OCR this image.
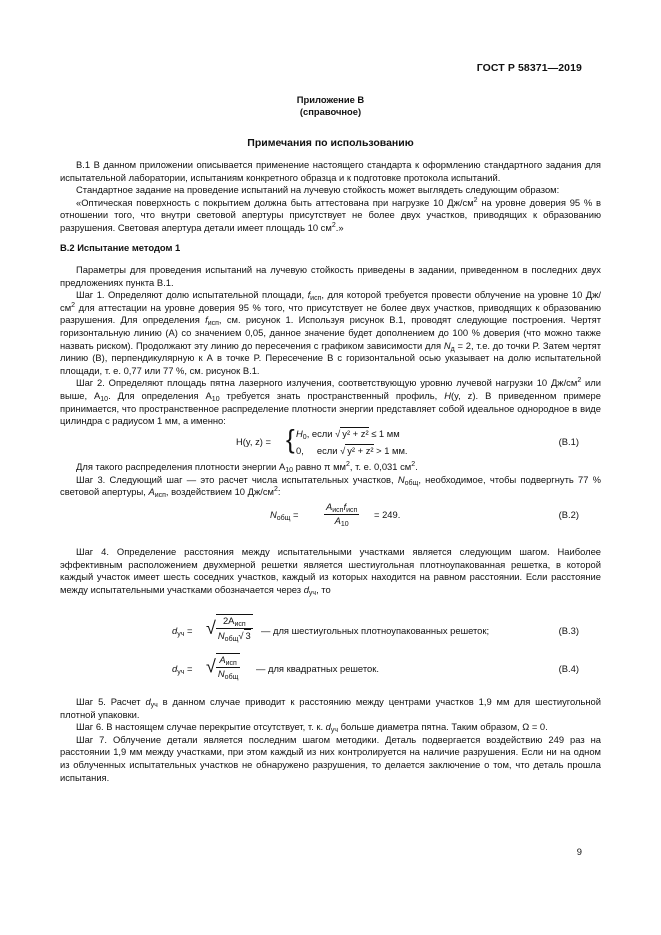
ГОСТ Р 58371—2019
Приложение В
(справочное)
Примечания по использованию

В.1 В данном приложении описывается применение настоящего стандарта к оформлению стандартного задания для испытательной лаборатории, испытаниям конкретного образца и к подготовке протокола испытаний.

Стандартное задание на проведение испытаний на лучевую стойкость может выглядеть следующим образом:

«Оптическая поверхность с покрытием должна быть аттестована при нагрузке 10 $Дж/см^2$ на уровне доверия 95 % в отношении того, что внутри световой апертуры присутствует не более двух участков, приводящих к образованию разрушения. Световая апертура детали имеет площадь 10 $см^2$.»

В.2 Испытание методом 1

Параметры для проведения испытаний на лучевую стойкость приведены в задании, приведенном в последних двух предложениях пункта В.1.

Шаг 1. Определяют долю испытательной площади, $f_{исп}$, для которой требуется провести облучение на уровне 10 $Дж/см^2$ для аттестации на уровне доверия 95 % того, что присутствует не более двух участков, приводящих к образованию разрушения. Для определения $f_{исп}$, см. рисунок 1. Используя рисунок В.1, проводят следующие построения. Чертят горизонтальную линию (А) со значением 0,05, данное значение будет дополнением до 100 % доверия (что можно также назвать риском). Продолжают эту линию до пересечения с графиком зависимости для $N_д = 2$, т.е. до точки P. Затем чертят линию (В), перпендикулярную к А в точке P. Пересечение В с горизонтальной осью указывает на долю испытательной площади, т. е. 0,77 или 77 %, см. рисунок В.1.

Шаг 2. Определяют площадь пятна лазерного излучения, соответствующую уровню лучевой нагрузки 10 $Дж/см^2$ или выше, $A_{10}$. Для определения $A_{10}$ требуется знать пространственный профиль, H(y, z). В приведенном примере принимается, что пространственное распределение плотности энергии представляет собой идеальное однородное в виде цилиндра с радиусом 1 мм, а именно:

H(y, z) = { $H_0$, если √ y² + z² ≤ 1 мм
0, если √ y² + z² > 1 мм.
(В.1)

Для такого распределения плотности энергии $A_{10}$ равно π $мм^2$, т. е. 0,031 $см^2$.

Шаг 3. Следующий шаг — это расчет числа испытательных участков, $N_{общ}$, необходимое, чтобы подвергнуть 77 % световой апертуры, $A_{исп}$, воздействием 10 $Дж/см^2$:

$N_{общ}$ =	$\frac{A_{исп}f_{исп}}{A_{10}} = 249$.	(В.2)

Шаг 4. Определение расстояния между испытательными участками является следующим шагом. Наиболее эффективным расположением двухмерной решетки является шестиугольная плотноупакованная решетка, в которой каждый участок имеет шесть соседних участков, каждый из которых находится на равном расстоянии. Если расстояние между испытательными участками обозначается через $d_{уч}$, то

$d_{уч}$ = √ $\frac{2A_{исп}}{N_{общ}√ 3}$ — для шестиугольных плотноупакованных решеток;	(В.3)
$d_{уч}$ = √ $\frac{A_{исп}}{N_{общ}}$ — для квадратных решеток.	(В.4)

Шаг 5. Расчет $d_{уч}$ в данном случае приводит к расстоянию между центрами участков 1,9 мм для шестиугольной плотной упаковки.

Шаг 6. В настоящем случае перекрытие отсутствует, т. к. $d_{уч}$ больше диаметра пятна. Таким образом, Ω = 0.

Шаг 7. Облучение детали является последним шагом методики. Деталь подвергается воздействию 249 раз на расстоянии 1,9 мм между участками, при этом каждый из них контролируется на наличие разрушения. Если ни на одном из облученных испытательных участков не обнаружено разрушения, то делается заключение о том, что деталь прошла испытания.

9
